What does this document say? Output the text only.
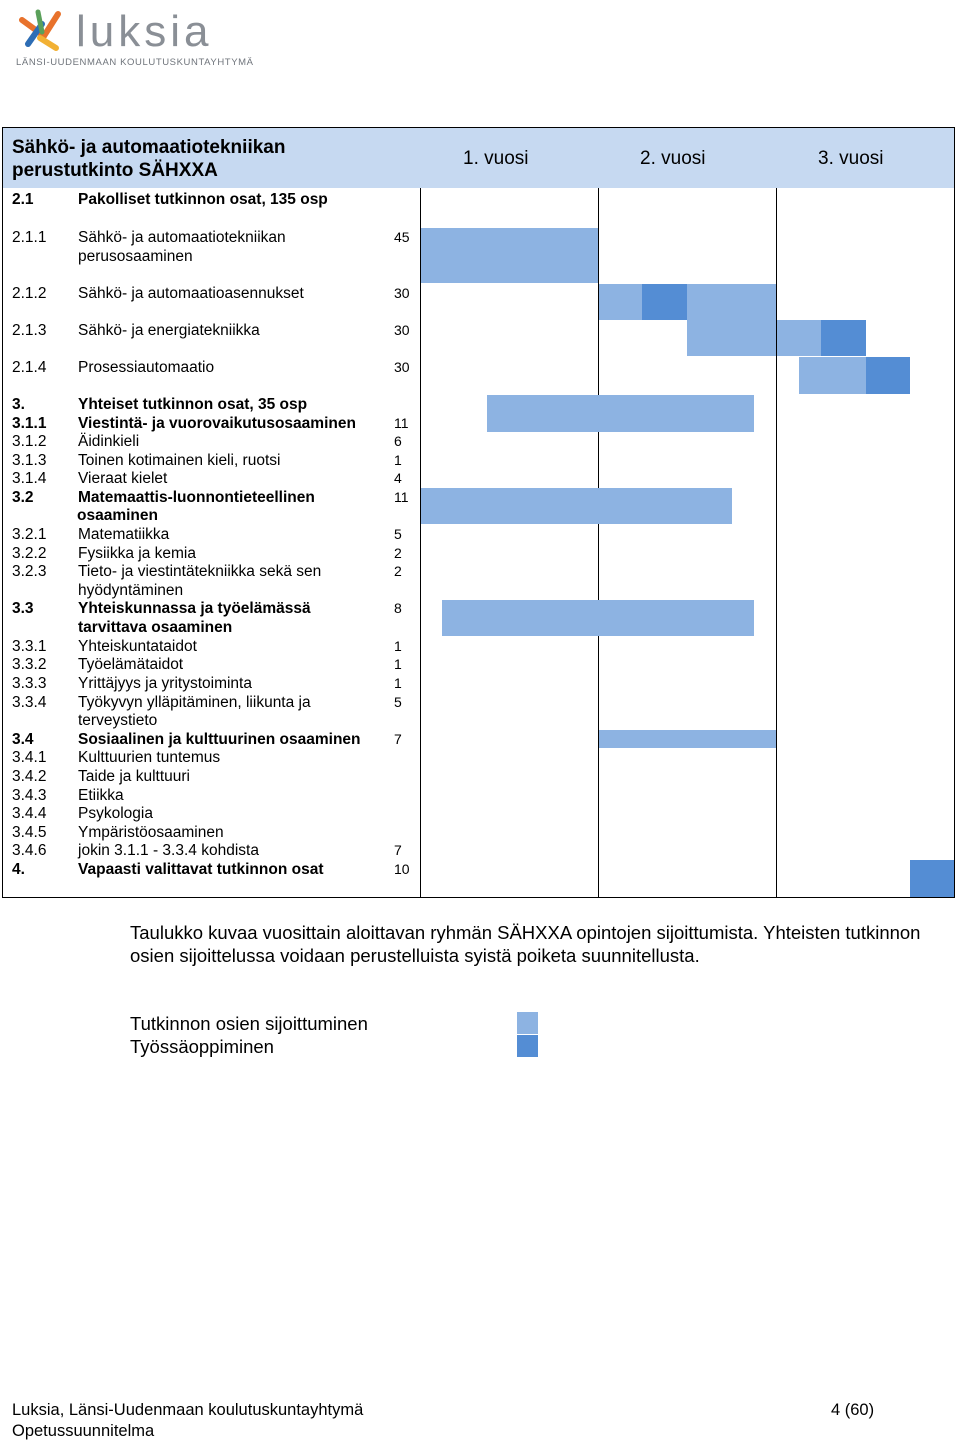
luksia
LÄNSI-UUDENMAAN KOULUTUSKUNTAYHTYMÄ
Sähkö- ja automaatiotekniikan perustutkinto SÄHXXA
1. vuosi	2. vuosi	3. vuosi
2.1	Pakolliset tutkinnon osat, 135 osp
2.1.1 Sähkö- ja automaatiotekniikan	45
perusosaaminen
2.1.2 Sähkö- ja automaatioasennukset	30
2.1.3 Sähkö- ja energiatekniikka	30
2.1.4 Prosessiautomaatio	30
3.	Yhteiset tutkinnon osat, 35 osp
3.1.1 Viestintä- ja vuorovaikutusosaaminen	11
3.1.2 Äidinkieli	6
3.1.3 Toinen kotimainen kieli, ruotsi	1
3.1.4 Vieraat kielet	4
3.2	Matemaattis-luonnontieteellinen	11
osaaminen
3.2.1 Matematiikka	5
3.2.2 Fysiikka ja kemia	2
3.2.3 Tieto- ja viestintätekniikka sekä sen	2
hyödyntäminen
3.3	Yhteiskunnassa ja työelämässä	8
tarvittava osaaminen
3.3.1 Yhteiskuntataidot	1
3.3.2 Työelämätaidot	1
3.3.3 Yrittäjyys ja yritystoiminta	1
3.3.4 Työkyvyn ylläpitäminen, liikunta ja	5
terveystieto
3.4	Sosiaalinen ja kulttuurinen osaaminen 7
3.4.1 Kulttuurien tuntemus
3.4.2 Taide ja kulttuuri
3.4.3 Etiikka
3.4.4 Psykologia
3.4.5 Ympäristöosaaminen
3.4.6 jokin 3.1.1 - 3.3.4 kohdista	7
4.	Vapaasti valittavat tutkinnon osat	10
Taulukko kuvaa vuosittain aloittavan ryhmän SÄHXXA opintojen sijoittumista. Yhteisten tutkinnon osien sijoittelussa voidaan perustelluista syistä poiketa suunnitellusta.
Tutkinnon osien sijoittuminen
Työssäoppiminen
Luksia, Länsi-Uudenmaan koulutuskuntayhtymä
Opetussuunnitelma
4 (60)
